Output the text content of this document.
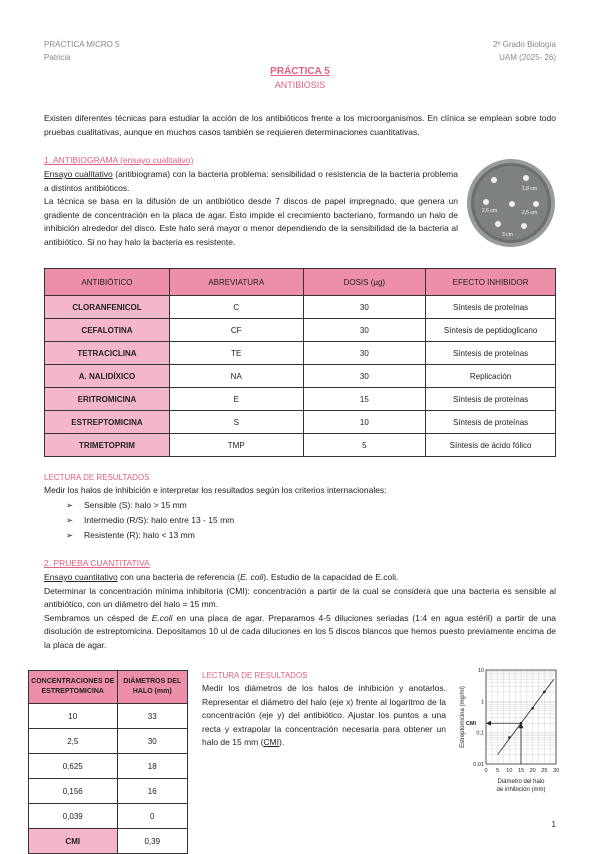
PRÁCTICA MICRO 5
Patricia
2º Grado Biología
UAM (2025- 26)
PRÁCTICA 5
ANTIBIOSIS
Existen diferentes técnicas para estudiar la acción de los antibióticos frente a los microorganismos. En clínica se emplean sobre todo pruebas cualitativas, aunque en muchos casos también se requieren determinaciones cuantitativas.
1. ANTIBIOGRAMA (ensayo cualitativo)
Ensayo cualitativo (antibiograma) con la bacteria problema: sensibilidad o resistencia de la bacteria problema a distintos antibióticos.
La técnica se basa en la difusión de un antibiótico desde 7 discos de papel impregnado, que genera un gradiente de concentración en la placa de agar. Esto impide el crecimiento bacteriano, formando un halo de inhibición alrededor del disco. Este halo será mayor o menor dependiendo de la sensibilidad de la bacteria al antibiótico. Si no hay halo la bacteria es resistente.
1,8 cm
2,6 cm	2,5 cm
3 cm
ANTIBIÓTICO	ABREVIATURA	DOSIS (µg)	EFECTO INHIBIDOR
CLORANFENICOL	C	30	Síntesis de proteínas
CEFALOTINA	CF	30	Síntesis de peptidoglicano
TETRACICLINA	TE	30	Síntesis de proteínas
A. NALIDÍXICO	NA	30	Replicación
ERITROMICINA	E	15	Síntesis de proteínas
ESTREPTOMICINA	S	10	Síntesis de proteínas
TRIMETOPRIM	TMP	5	Síntesis de ácido fólico
LECTURA DE RESULTADOS
Medir los halos de inhibición e interpretar los resultados según los criterios internacionales:
➢ Sensible (S): halo > 15 mm
➢ Intermedio (R/S): halo entre 13 - 15 mm
➢ Resistente (R): halo < 13 mm
2. PRUEBA CUANTITATIVA
Ensayo cuantitativo con una bacteria de referencia (E. coli). Estudio de la capacidad de E.coli.
Determinar la concentración mínima inhibitoria (CMI): concentración a partir de la cual se considera que una bacteria es sensible al antibiótico, con un diámetro del halo = 15 mm.
Sembramos un césped de E.coli en una placa de agar. Preparamos 4-5 diluciones seriadas (1:4 en agua estéril) a partir de una disolución de estreptomicina. Depositamos 10 ul de cada diluciones en los 5 discos blancos que hemos puesto previamente encima de la placa de agar.
CONCENTRACIONES DE ESTREPTOMICINA	DIÁMETROS DEL HALO (mm)
10	33
2,5	30
0,625	18
0,156	16
0,039	0
CMI	0,39
LECTURA DE RESULTADOS
Medir los diámetros de los halos de inhibición y anotarlos. Representar el diámetro del halo (eje x) frente al logaritmo de la concentración (eje y) del antibiótico. Ajustar los puntos a una recta y extrapolar la concentración necesaria para obtener un halo de 15 mm (CMI).
0 5 10 15 20 25 30
10
1
0,1
0,01
CMI
Estreptomicina (mg/ml)
Diámetro del halo
de inhibición (mm)
1
